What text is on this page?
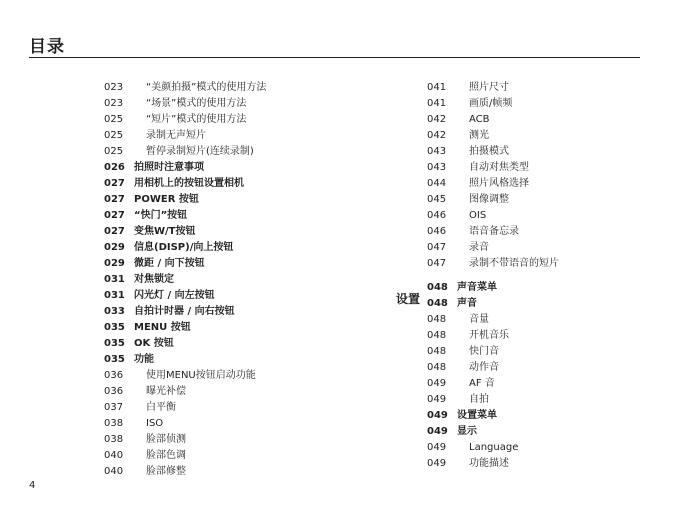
目录
023 “美颜拍摄”模式的使用方法
023 “场景”模式的使用方法
025 “短片”模式的使用方法
025 录制无声短片
025 暂停录制短片(连续录制)
026 拍照时注意事项
027 用相机上的按钮设置相机
027 POWER 按钮
027 “快门”按钮
027 变焦W/T按钮
029 信息(DISP)/向上按钮
029 微距 / 向下按钮
031 对焦锁定
031 闪光灯 / 向左按钮
033 自拍计时器 / 向右按钮
035 MENU 按钮
035 OK 按钮
035 功能
036 使用MENU按钮启动功能
036 曝光补偿
037 白平衡
038 ISO
038 脸部侦测
040 脸部色调
040 脸部修整
设置
041 照片尺寸
041 画质/帧频
042 ACB
042 测光
043 拍摄模式
043 自动对焦类型
044 照片风格选择
045 图像调整
046 OIS
046 语音备忘录
047 录音
047 录制不带语音的短片
048 声音菜单
048 声音
048 音量
048 开机音乐
048 快门音
048 动作音
049 AF 音
049 自拍
049 设置菜单
049 显示
049 Language
049 功能描述
4
